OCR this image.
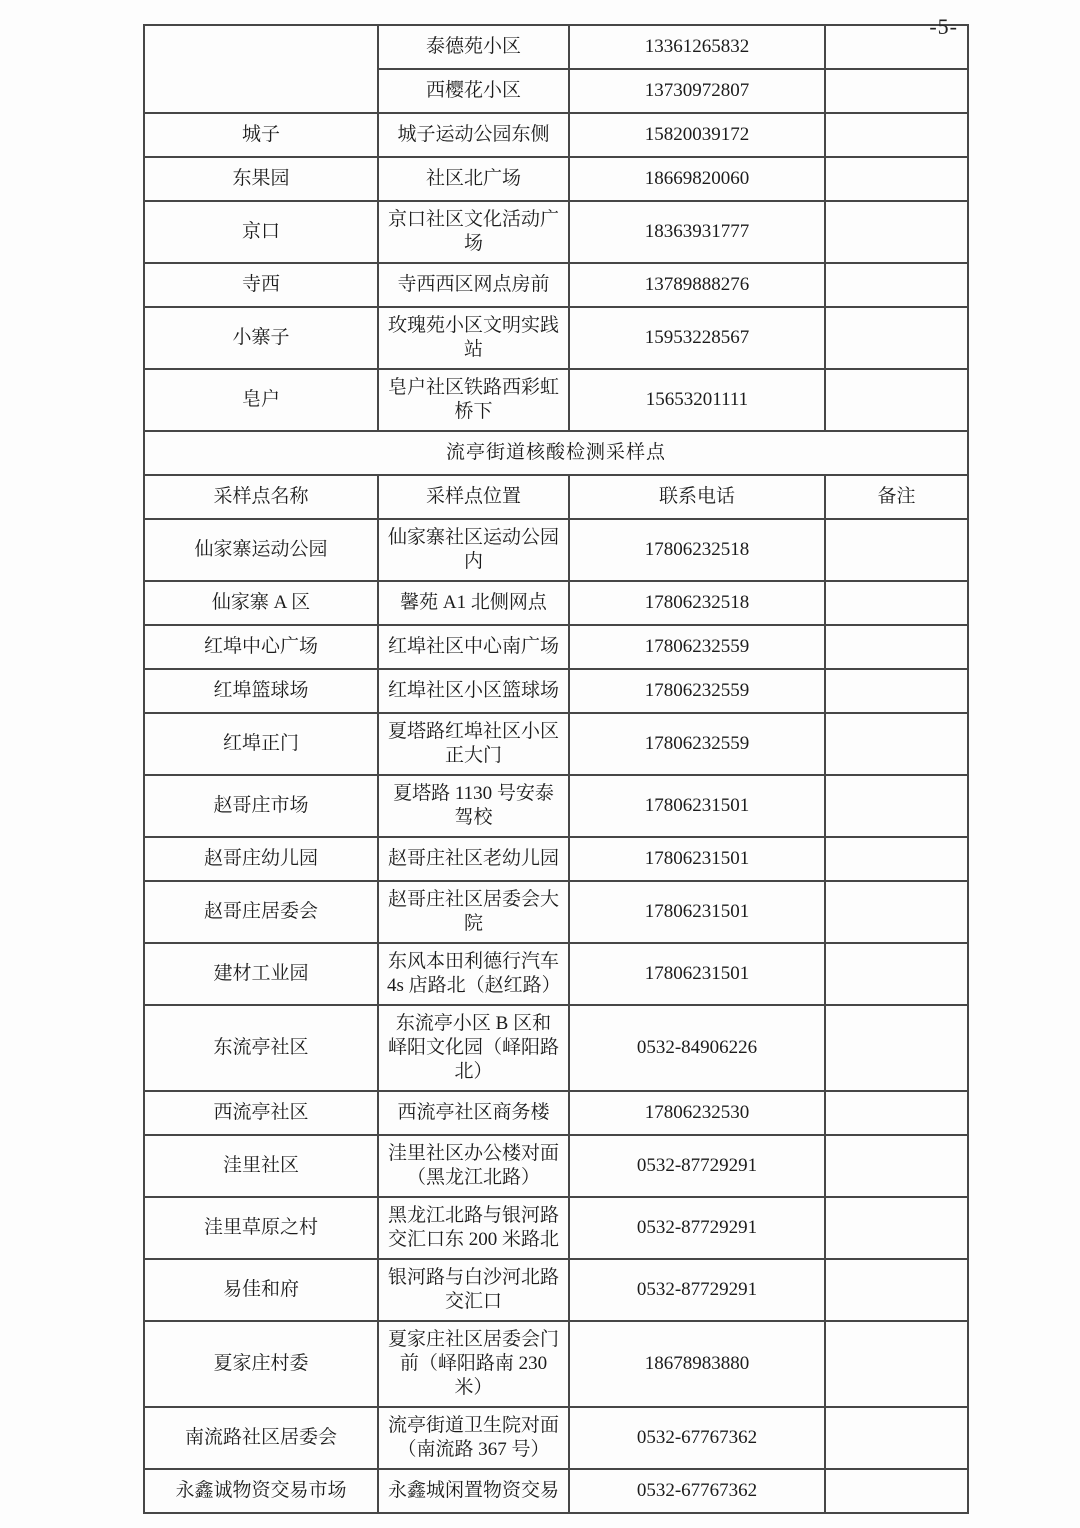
	泰德苑小区	13361265832	
	西樱花小区	13730972807	
城子	城子运动公园东侧	15820039172	
东果园	社区北广场	18669820060	
京口	京口社区文化活动广场	18363931777	
寺西	寺西西区网点房前	13789888276	
小寨子	玫瑰苑小区文明实践站	15953228567	
皂户	皂户社区铁路西彩虹桥下	15653201111	
流亭街道核酸检测采样点			
采样点名称	采样点位置	联系电话	备注
仙家寨运动公园	仙家寨社区运动公园内	17806232518	
仙家寨 A 区	馨苑 A1 北侧网点	17806232518	
红埠中心广场	红埠社区中心南广场	17806232559	
红埠篮球场	红埠社区小区篮球场	17806232559	
红埠正门	夏塔路红埠社区小区正大门	17806232559	
赵哥庄市场	夏塔路 1130 号安泰驾校	17806231501	
赵哥庄幼儿园	赵哥庄社区老幼儿园	17806231501	
赵哥庄居委会	赵哥庄社区居委会大院	17806231501	
建材工业园	东风本田利德行汽车 4s 店路北（赵红路）	17806231501	
东流亭社区	东流亭小区 B 区和峄阳文化园（峄阳路北）	0532-84906226	
西流亭社区	西流亭社区商务楼	17806232530	
洼里社区	洼里社区办公楼对面（黑龙江北路）	0532-87729291	
洼里草原之村	黑龙江北路与银河路交汇口东 200 米路北	0532-87729291	
易佳和府	银河路与白沙河北路交汇口	0532-87729291	
夏家庄村委	夏家庄社区居委会门前（峄阳路南 230 米）	18678983880	
南流路社区居委会	流亭街道卫生院对面（南流路 367 号）	0532-67767362	
永鑫诚物资交易市场	永鑫城闲置物资交易	0532-67767362	
-5-
